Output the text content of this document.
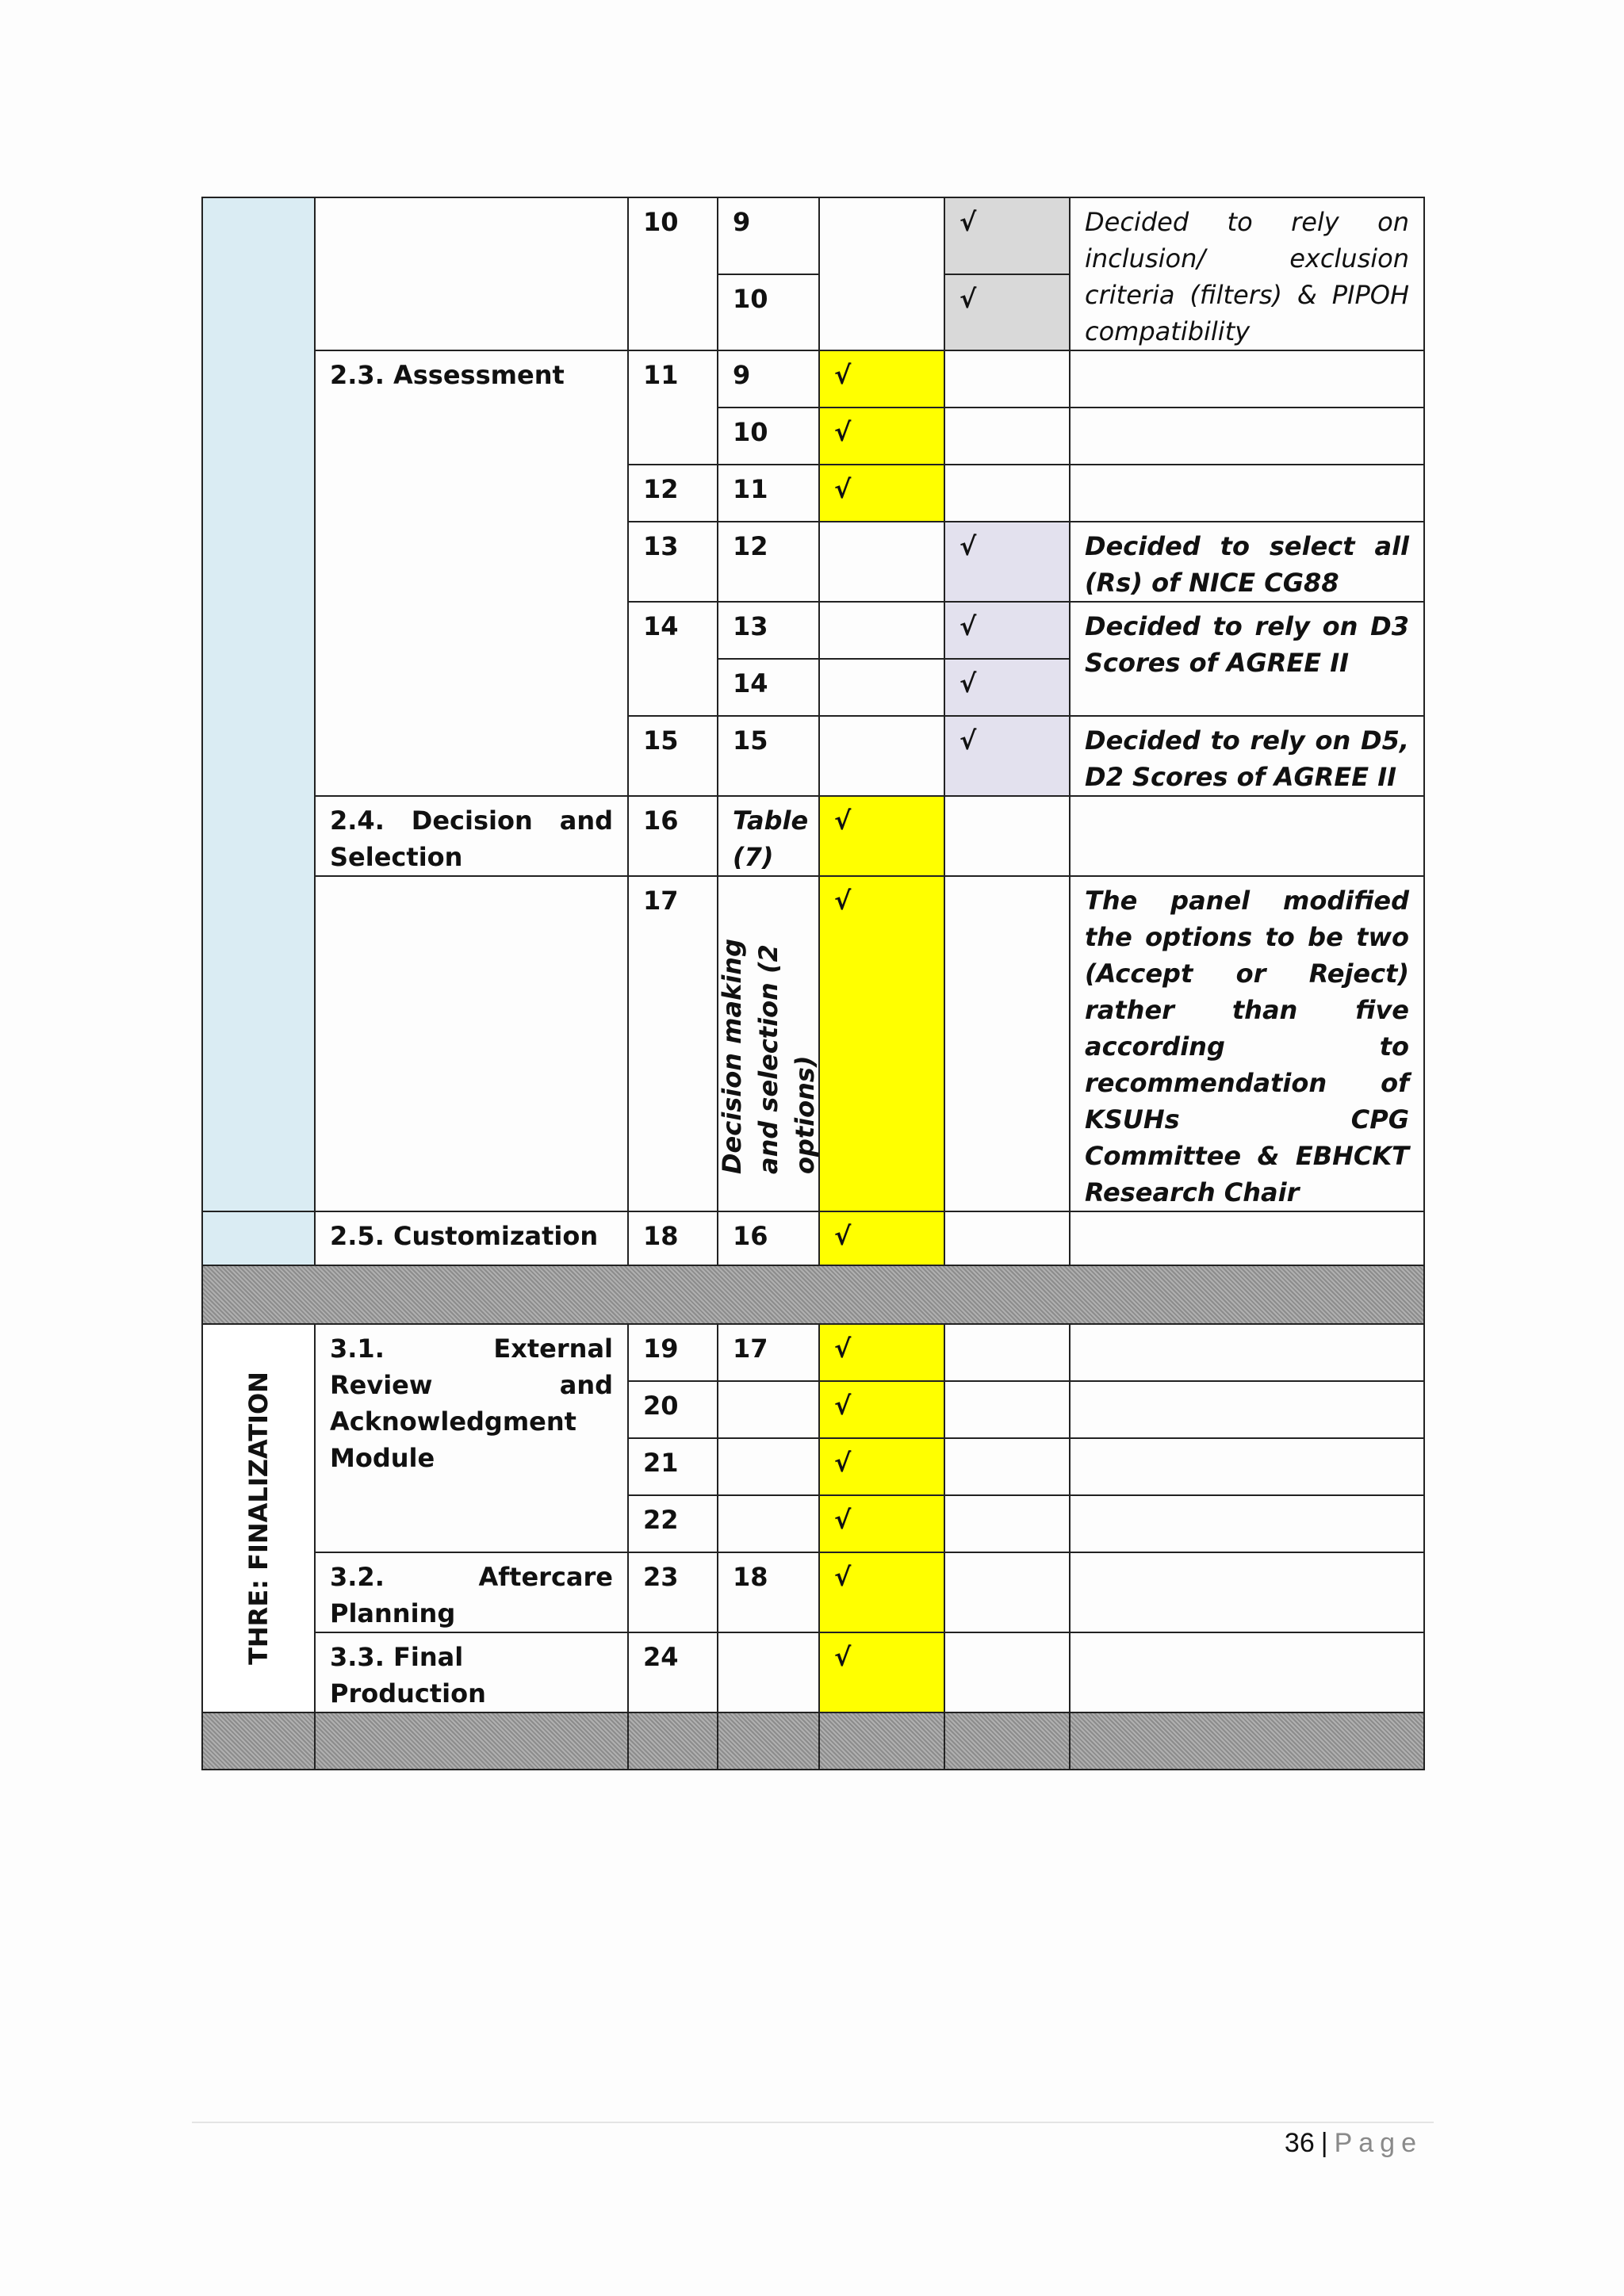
		10	9		√	Decided to rely on inclusion/ exclusion criteria (filters) & PIPOH compatibility
			10		√	
	2.3. Assessment	11	9	√		
			10	√		
		12	11	√		
		13	12		√	Decided to select all (Rs) of NICE CG88
		14	13		√	Decided to rely on D3 Scores of AGREE II
			14		√	
		15	15		√	Decided to rely on D5, D2 Scores of AGREE II

	2.4. Decision and Selection	16	Table (7)	√		
		17	Decision making and selection (2 options)	√		The panel modified the options to be two (Accept or Reject) rather than five according to recommendation of KSUHs CPG Committee & EBHCKT Research Chair
	2.5. Customization	18	16	√		

THRE: FINALIZATION	3.1. External Review and Acknowledgment Module	19	17	√		
		20		√		
		21		√		
		22		√		

	3.2. Aftercare Planning	23	18	√		
	3.3. Final Production	24		√		

36 | Page
